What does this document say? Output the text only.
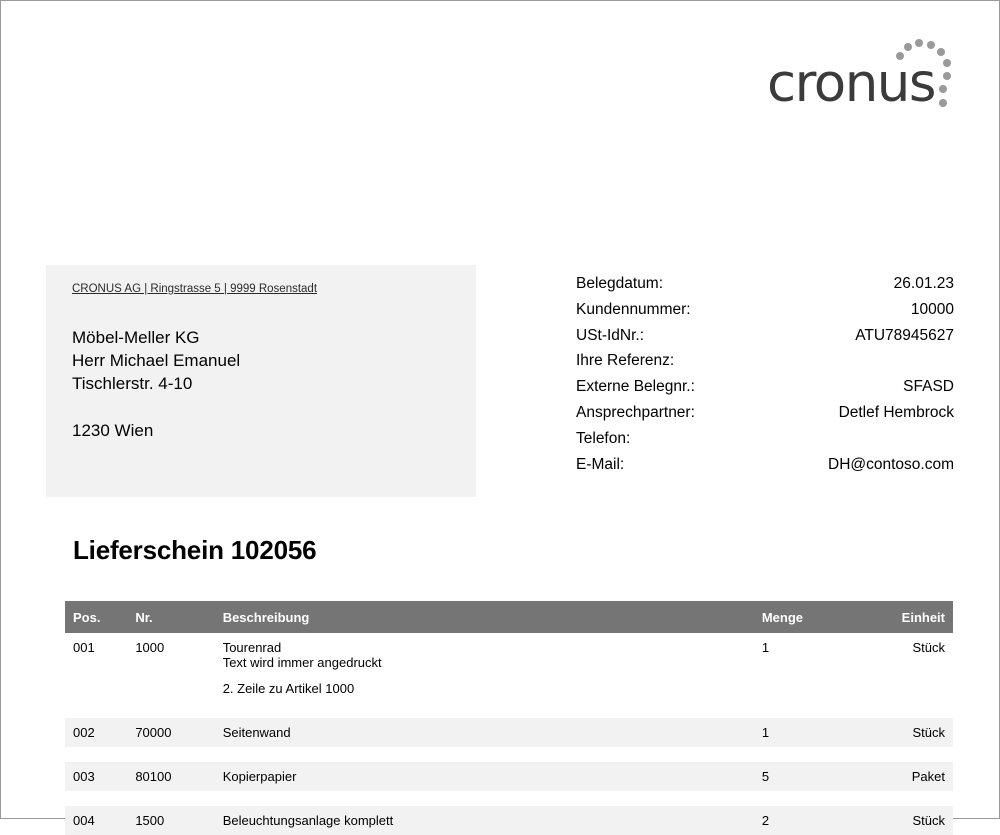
cronus
CRONUS AG | Ringstrasse 5 | 9999 Rosenstadt
Möbel-Meller KG
Herr Michael Emanuel
Tischlerstr. 4-10
1230 Wien
Belegdatum:	26.01.23
Kundennummer:	10000
USt-IdNr.:	ATU78945627
Ihre Referenz:
Externe Belegnr.:	SFASD
Ansprechpartner:	Detlef Hembrock
Telefon:
E-Mail:	DH@contoso.com
Lieferschein 102056
Pos.	Nr.	Beschreibung					Menge	Einheit
001	1000	Tourenrad
Text wird immer angedruckt
2. Zeile zu Artikel 1000					1	Stück

002	70000	Seitenwand					1	Stück

003	80100	Kopierpapier					5	Paket

004	1500	Beleuchtungsanlage komplett					2	Stück
